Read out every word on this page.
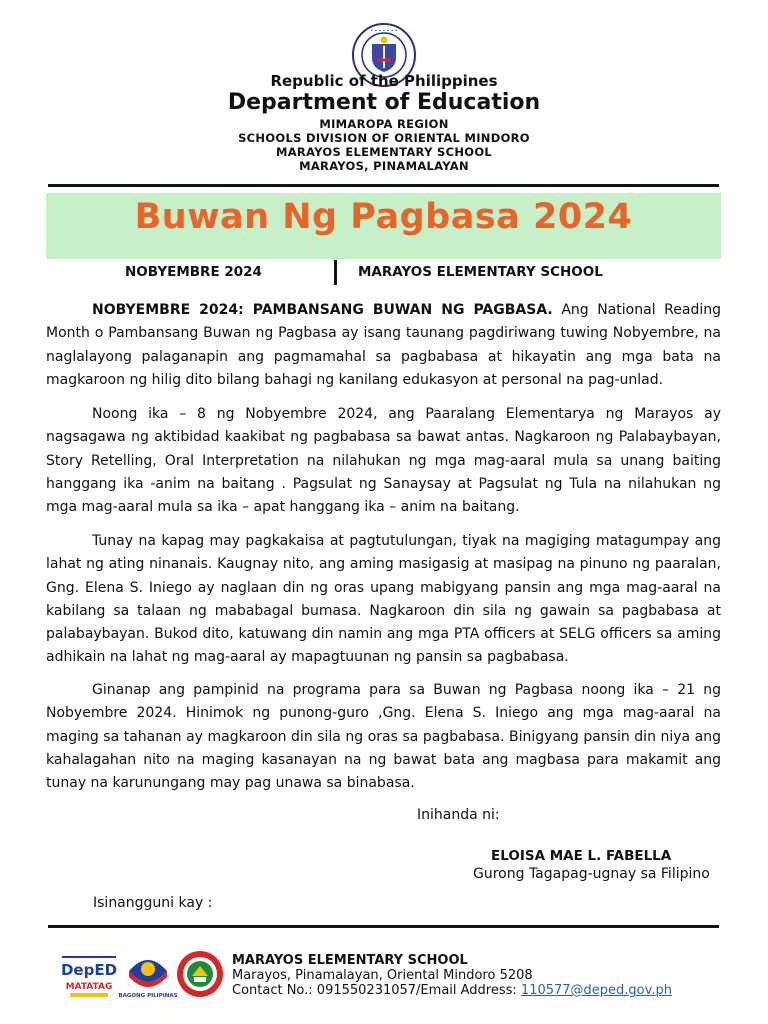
• • • • • • •
Republic of the Philippines
Department of Education
MIMAROPA REGION
SCHOOLS DIVISION OF ORIENTAL MINDORO
MARAYOS ELEMENTARY SCHOOL
MARAYOS, PINAMALAYAN
Buwan Ng Pagbasa 2024
NOBYEMBRE 2024	MARAYOS ELEMENTARY SCHOOL

NOBYEMBRE 2024: PAMBANSANG BUWAN NG PAGBASA. Ang National Reading Month o Pambansang Buwan ng Pagbasa ay isang taunang pagdiriwang tuwing Nobyembre, na naglalayong palaganapin ang pagmamahal sa pagbabasa at hikayatin ang mga bata na magkaroon ng hilig dito bilang bahagi ng kanilang edukasyon at personal na pag-unlad.

Noong ika – 8 ng Nobyembre 2024, ang Paaralang Elementarya ng Marayos ay nagsagawa ng aktibidad kaakibat ng pagbabasa sa bawat antas. Nagkaroon ng Palabaybayan, Story Retelling, Oral Interpretation na nilahukan ng mga mag-aaral mula sa unang baiting hanggang ika -anim na baitang . Pagsulat ng Sanaysay at Pagsulat ng Tula na nilahukan ng mga mag-aaral mula sa ika – apat hanggang ika – anim na baitang.

Tunay na kapag may pagkakaisa at pagtutulungan, tiyak na magiging matagumpay ang lahat ng ating ninanais. Kaugnay nito, ang aming masigasig at masipag na pinuno ng paaralan, Gng. Elena S. Iniego ay naglaan din ng oras upang mabigyang pansin ang mga mag-aaral na kabilang sa talaan ng mababagal bumasa. Nagkaroon din sila ng gawain sa pagbabasa at palabaybayan. Bukod dito, katuwang din namin ang mga PTA officers at SELG officers sa aming adhikain na lahat ng mag-aaral ay mapagtuunan ng pansin sa pagbabasa.

Ginanap ang pampinid na programa para sa Buwan ng Pagbasa noong ika – 21 ng Nobyembre 2024. Hinimok ng punong-guro ,Gng. Elena S. Iniego ang mga mag-aaral na maging sa tahanan ay magkaroon din sila ng oras sa pagbabasa. Binigyang pansin din niya ang kahalagahan nito na maging kasanayan na ng bawat bata ang magbasa para makamit ang tunay na karunungang may pag unawa sa binabasa.

Inihanda ni:
ELOISA MAE L. FABELLA
Gurong Tagapag-ugnay sa Filipino
Isinangguni kay :
DepED
MATATAG
BAGONG PILIPINAS
MARAYOS ELEMENTARY SCHOOL
Marayos, Pinamalayan, Oriental Mindoro 5208
Contact No.: 091550231057/Email Address: 110577@deped.gov.ph
